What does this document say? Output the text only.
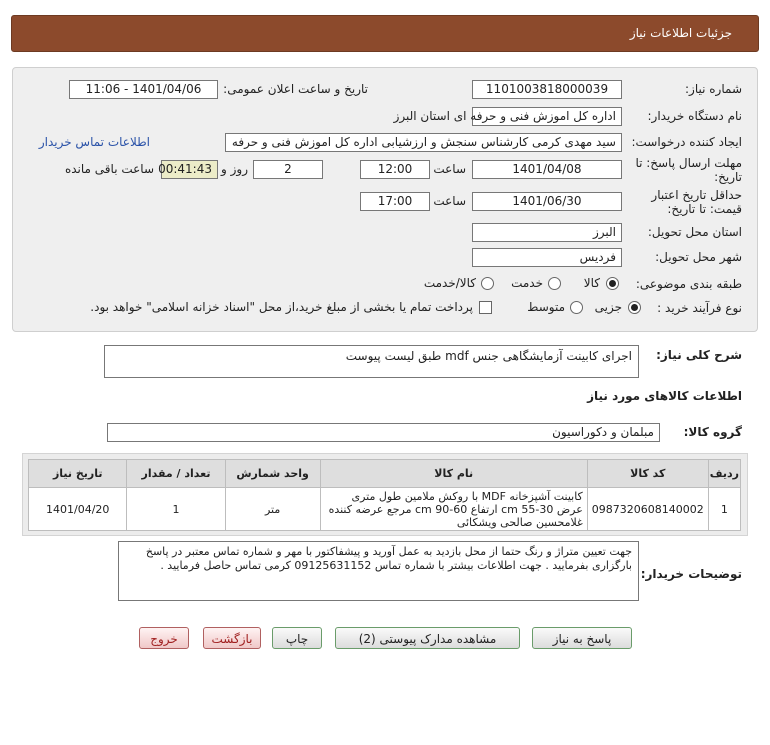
جزئیات اطلاعات نیاز
شماره نیاز:
1101003818000039
تاریخ و ساعت اعلان عمومی:
1401/04/06 - 11:06
نام دستگاه خریدار:
اداره کل اموزش فنی و حرفه ای استان البرز
ایجاد کننده درخواست:
سید مهدی کرمی کارشناس سنجش و ارزشیابی اداره کل اموزش فنی و حرفه
اطلاعات تماس خریدار
مهلت ارسال پاسخ: تا
تاریخ:
1401/04/08
ساعت
12:00
2
روز و
00:41:43
ساعت باقی مانده
حداقل تاریخ اعتبار
قیمت: تا تاریخ:
1401/06/30
ساعت
17:00
استان محل تحویل:
البرز
شهر محل تحویل:
فردیس
طبقه بندی موضوعی:
کالا
خدمت
کالا/خدمت
نوع فرآیند خرید :
جزیی
متوسط
پرداخت تمام یا بخشی از مبلغ خرید،از محل "اسناد خزانه اسلامی" خواهد بود.
شرح کلی نیاز:
اجرای کابینت آزمایشگاهی جنس mdf طبق لیست پیوست
اطلاعات کالاهای مورد نیاز
گروه کالا:
مبلمان و دکوراسیون
ردیف	کد کالا	نام کالا	واحد شمارش	تعداد / مقدار	تاریخ نیاز
1	0987320608140002	کابینت آشپزخانه MDF با روکش ملامین طول متری عرض 30-55 cm ارتفاع 60-90 cm مرجع عرضه کننده غلامحسین صالحی ویشکائی	متر	1	1401/04/20
توضیحات خریدار:
جهت تعیین متراژ و رنگ حتما از محل بازدید به عمل آورید و پیشفاکتور با مهر و شماره تماس معتبر در پاسخ بارگزاری بفرمایید . جهت اطلاعات بیشتر با شماره تماس 09125631152 کرمی تماس حاصل فرمایید .
پاسخ به نیاز
مشاهده مدارک پیوستی (2)
چاپ
بازگشت
خروج
